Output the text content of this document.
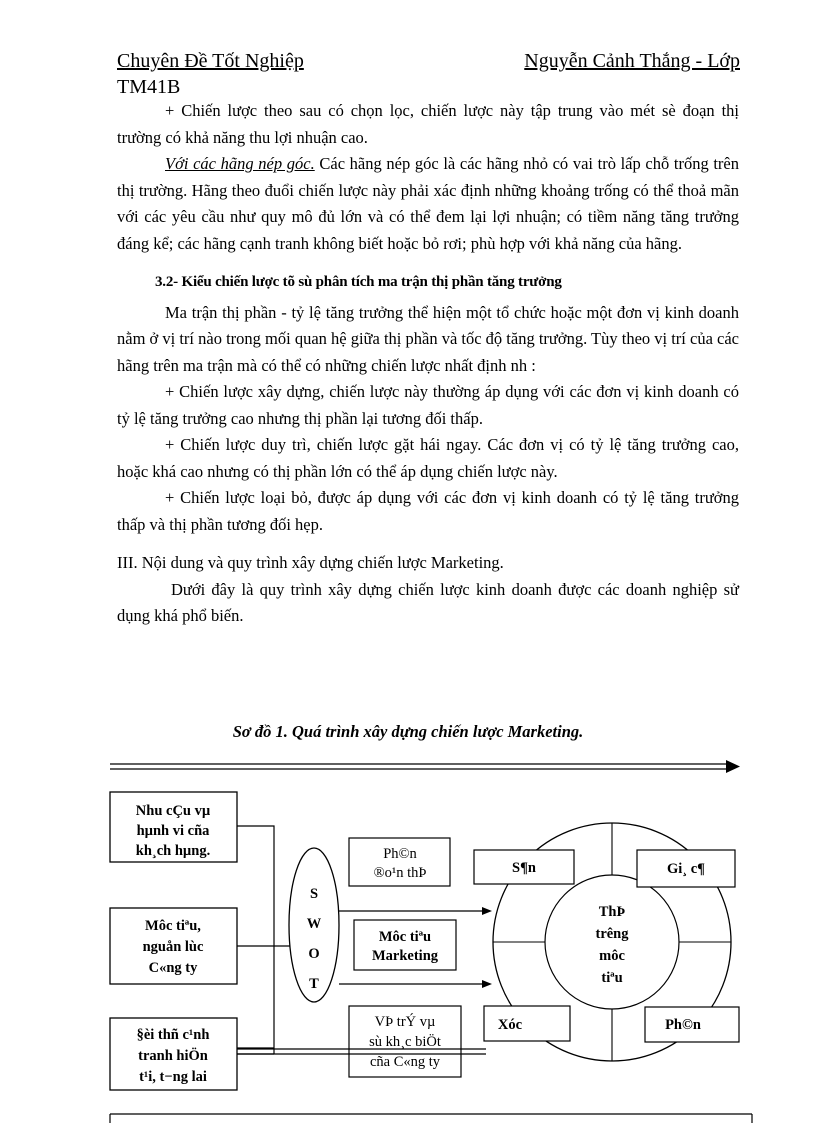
Chuyên Đề Tốt Nghiệp	Nguyễn Cảnh Thắng - Lớp
TM41B

+ Chiến lược theo sau có chọn lọc, chiến lược này tập trung vào mét sè đoạn thị trường có khả năng thu lợi nhuận cao.

Với các hãng nép góc. Các hãng nép góc là các hãng nhỏ có vai trò lấp chỗ trống trên thị trường. Hãng theo đuổi chiến lược này phải xác định những khoảng trống có thể thoả mãn với các yêu cầu như quy mô đủ lớn và có thể đem lại lợi nhuận; có tiềm năng tăng trưởng đáng kể; các hãng cạnh tranh không biết hoặc bỏ rơi; phù hợp với khả năng của hãng.

3.2- Kiểu chiến lược tõ sù phân tích ma trận thị phần tăng trưởng

Ma trận thị phần - tỷ lệ tăng trưởng thể hiện một tổ chức hoặc một đơn vị kinh doanh nằm ở vị trí nào trong mối quan hệ giữa thị phần và tốc độ tăng trưởng. Tùy theo vị trí của các hãng trên ma trận mà có thể có những chiến lược nhất định nh :

+ Chiến lược xây dựng, chiến lược này thường áp dụng với các đơn vị kinh doanh có tỷ lệ tăng trưởng cao nhưng thị phần lại tương đối thấp.

+ Chiến lược duy trì, chiến lược gặt hái ngay. Các đơn vị có tỷ lệ tăng trưởng cao, hoặc khá cao nhưng có thị phần lớn có thể áp dụng chiến lược này.

+ Chiến lược loại bỏ, được áp dụng với các đơn vị kinh doanh có tỷ lệ tăng trưởng thấp và thị phần tương đối hẹp.

III. Nội dung và quy trình xây dựng chiến lược Marketing.

Dưới đây là quy trình xây dựng chiến lược kinh doanh được các doanh nghiệp sử dụng khá phổ biến.

Sơ đồ 1. Quá trình xây dựng chiến lược Marketing.
Nhu cÇu vµ
hµnh vi cña
kh¸ch hµng.
Môc tiªu,
nguån lùc
C«ng ty
§èi thñ c¹nh
tranh hiÖn
t¹i, t−ng lai
S
W
O
T
Ph©n
®o¹n thÞ
Môc tiªu
Marketing
VÞ trÝ vµ
sù kh¸c biÖt
cña C«ng ty
ThÞ
trêng
môc
tiªu
S¶n	Gi¸ c¶
Xóc	Ph©n
